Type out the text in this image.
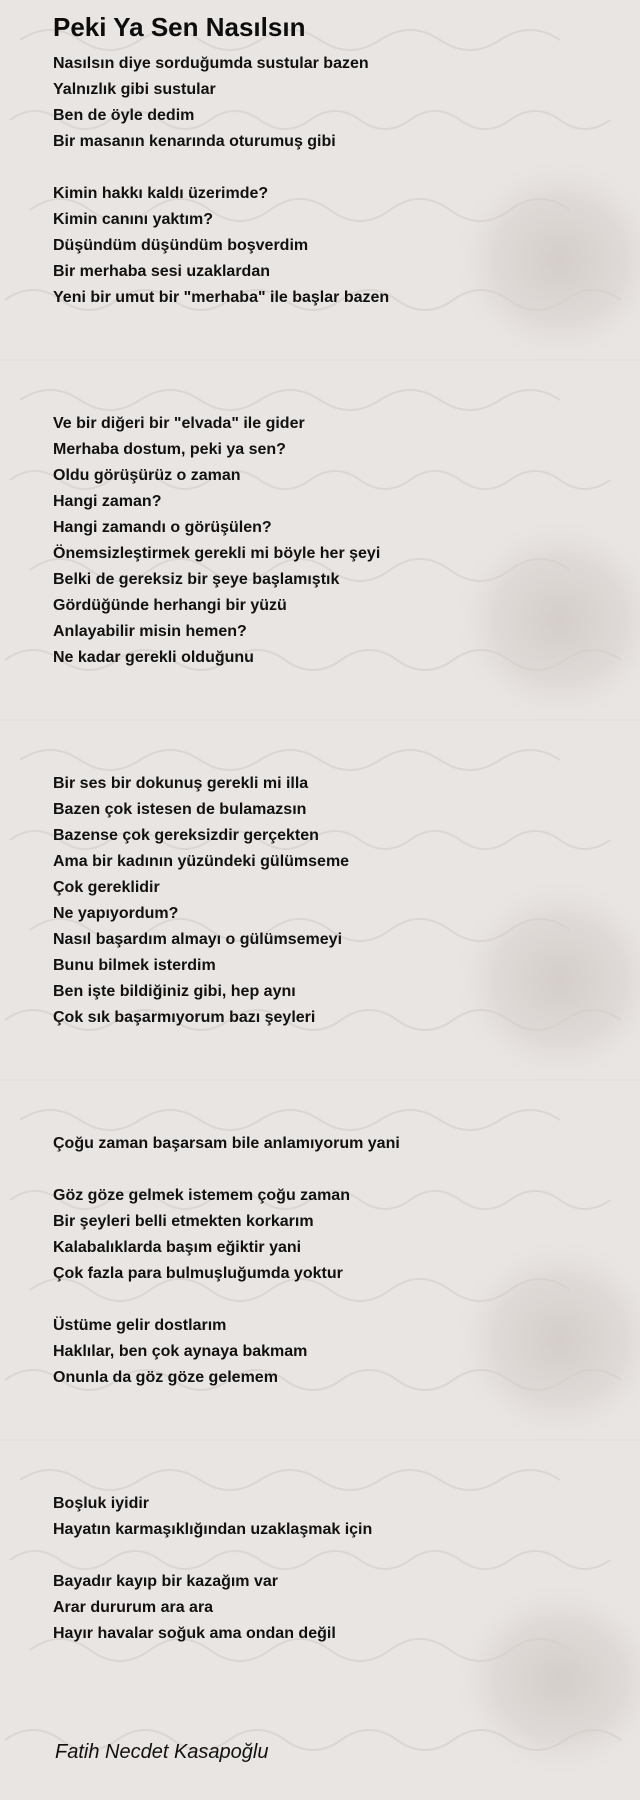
Peki Ya Sen Nasılsın
Nasılsın diye sorduğumda sustular bazen
Yalnızlık gibi sustular
Ben de öyle dedim
Bir masanın kenarında oturumuş gibi
Kimin hakkı kaldı üzerimde?
Kimin canını yaktım?
Düşündüm düşündüm boşverdim
Bir merhaba sesi uzaklardan
Yeni bir umut bir "merhaba" ile başlar bazen
Ve bir diğeri bir "elvada" ile gider
Merhaba dostum, peki ya sen?
Oldu görüşürüz o zaman
Hangi zaman?
Hangi zamandı o görüşülen?
Önemsizleştirmek gerekli mi böyle her şeyi
Belki de gereksiz bir şeye başlamıştık
Gördüğünde herhangi bir yüzü
Anlayabilir misin hemen?
Ne kadar gerekli olduğunu
Bir ses bir dokunuş gerekli mi illa
Bazen çok istesen de bulamazsın
Bazense çok gereksizdir gerçekten
Ama bir kadının yüzündeki gülümseme
Çok gereklidir
Ne yapıyordum?
Nasıl başardım almayı o gülümsemeyi
Bunu bilmek isterdim
Ben işte bildiğiniz gibi, hep aynı
Çok sık başarmıyorum bazı şeyleri
Çoğu zaman başarsam bile anlamıyorum yani
Göz göze gelmek istemem çoğu zaman
Bir şeyleri belli etmekten korkarım
Kalabalıklarda başım eğiktir yani
Çok fazla para bulmuşluğumda yoktur
Üstüme gelir dostlarım
Haklılar, ben çok aynaya bakmam
Onunla da göz göze gelemem
Boşluk iyidir
Hayatın karmaşıklığından uzaklaşmak için
Bayadır kayıp bir kazağım var
Arar dururum ara ara
Hayır havalar soğuk ama ondan değil
Fatih Necdet Kasapoğlu
